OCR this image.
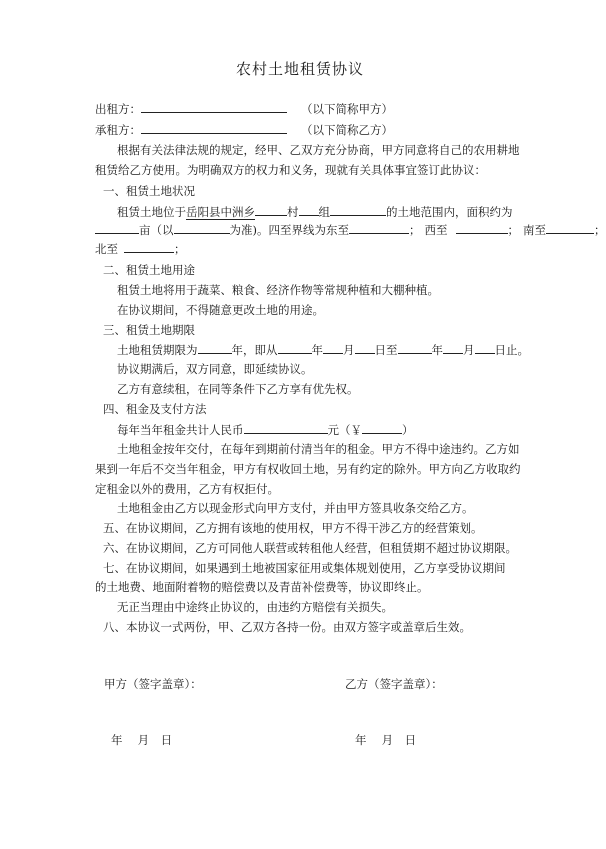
农村土地租赁协议
出租方：	（以下简称甲方）
承租方：	（以下简称乙方）
根据有关法律法规的规定，经甲、乙双方充分协商，甲方同意将自己的农用耕地
租赁给乙方使用。为明确双方的权力和义务，现就有关具体事宜签订此协议：
一、租赁土地状况
租赁土地位于岳阳县中洲乡	村 组	的土地范围内，面积约为
亩（以	为准)。四至界线为东至	； 西至	； 南至	；
北至	；
二、租赁土地用途
租赁土地将用于蔬菜、粮食、经济作物等常规种植和大棚种植。
在协议期间，不得随意更改土地的用途。
三、租赁土地期限
土地租赁期限为	年，即从	年 月 日至	年 月 日止。
协议期满后，双方同意，即延续协议。
乙方有意续租，在同等条件下乙方享有优先权。
四、租金及支付方法
每年当年租金共计人民币	元（￥	）
土地租金按年交付，在每年到期前付清当年的租金。甲方不得中途违约。乙方如
果到一年后不交当年租金，甲方有权收回土地，另有约定的除外。甲方向乙方收取约
定租金以外的费用，乙方有权拒付。
土地租金由乙方以现金形式向甲方支付，并由甲方签具收条交给乙方。
五、在协议期间，乙方拥有该地的使用权，甲方不得干涉乙方的经营策划。
六、在协议期间，乙方可同他人联营或转租他人经营，但租赁期不超过协议期限。
七、在协议期间，如果遇到土地被国家征用或集体规划使用，乙方享受协议期间
的土地费、地面附着物的赔偿费以及青苗补偿费等，协议即终止。
无正当理由中途终止协议的，由违约方赔偿有关损失。
八、本协议一式两份，甲、乙双方各持一份。由双方签字或盖章后生效。
甲方（签字盖章）：	乙方（签字盖章）：
年　 月　日	年　 月　日
